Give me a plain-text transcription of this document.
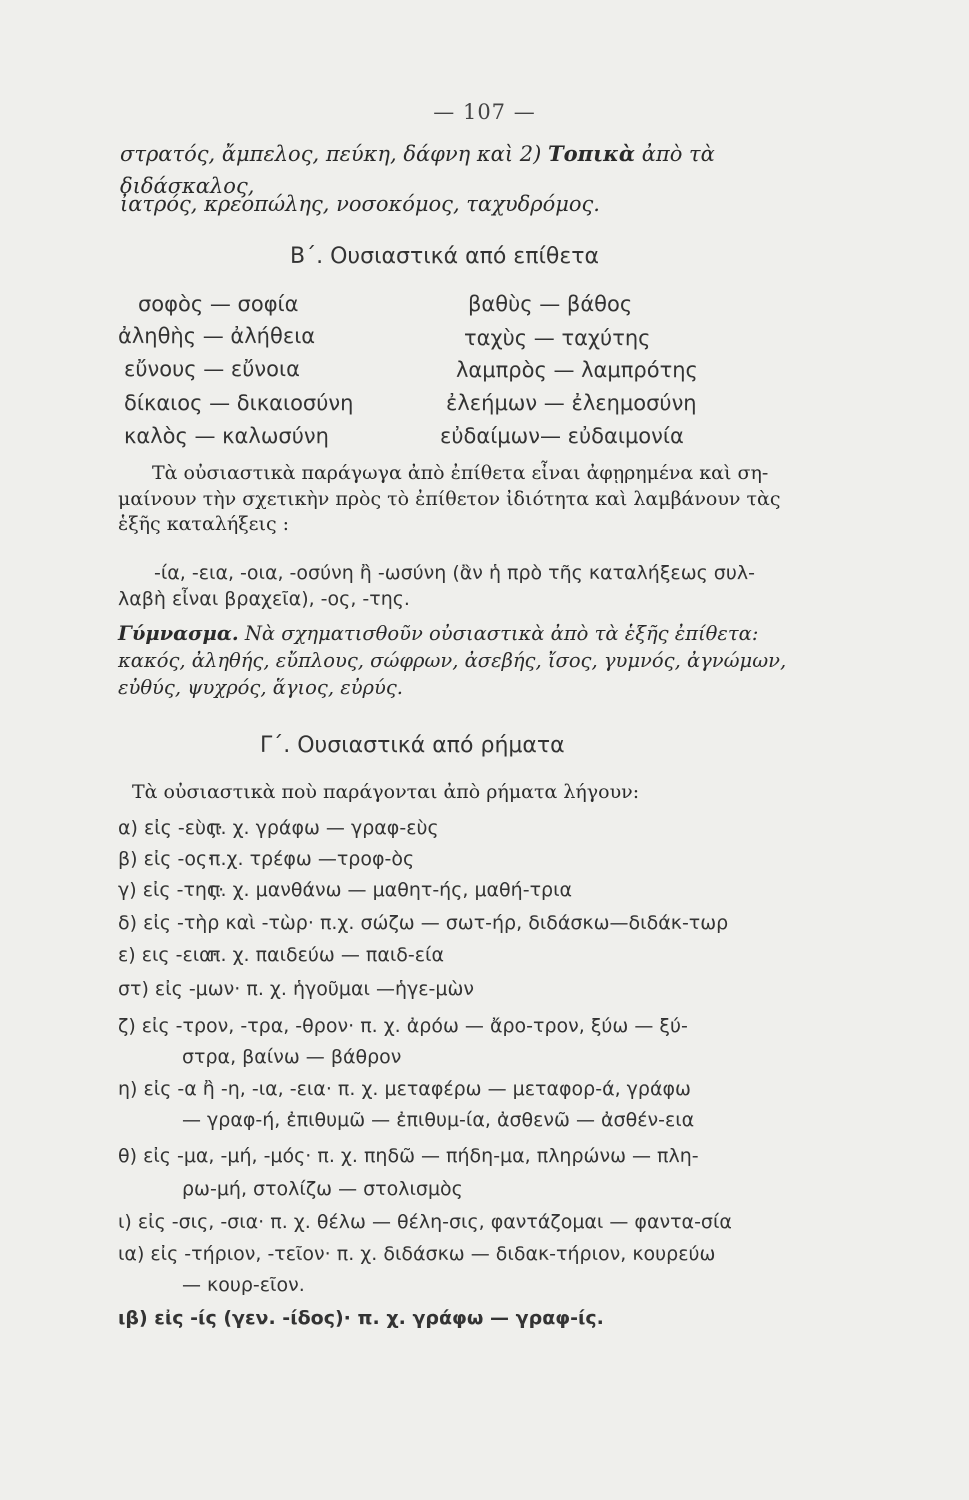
— 107 —
στρατός, ἄμπελος, πεύκη, δάφνη καὶ 2) Τοπικὰ ἀπὸ τὰ διδάσκαλος,
ἰατρός, κρεοπώλης, νοσοκόμος, ταχυδρόμος.
Β΄. Ουσιαστικά από επίθετα
σοφὸς — σοφία
ἀληθὴς — ἀλήθεια
εὔνους — εὔνοια
δίκαιος — δικαιοσύνη
καλὸς — καλωσύνη
βαθὺς — βάθος
ταχὺς — ταχύτης
λαμπρὸς — λαμπρότης
ἐλεήμων — ἐλεημοσύνη
εὐδαίμων— εὐδαιμονία
Τὰ οὐσιαστικὰ παράγωγα ἀπὸ ἐπίθετα εἶναι ἀφῃρημένα καὶ ση-
μαίνουν τὴν σχετικὴν πρὸς τὸ ἐπίθετον ἰδιότητα καὶ λαμβάνουν τὰς
ἑξῆς καταλήξεις :
-ία, -εια, -οια, -οσύνη ἢ -ωσύνη (ἂν ἡ πρὸ τῆς καταλήξεως συλ-
λαβὴ εἶναι βραχεῖα), -ος, -της.
Γύμνασμα. Νὰ σχηματισθοῦν οὐσιαστικὰ ἀπὸ τὰ ἑξῆς ἐπίθετα:
κακός, ἀληθής, εὔπλους, σώφρων, ἀσεβής, ἴσος, γυμνός, ἀγνώμων,
εὐθύς, ψυχρός, ἅγιος, εὐρύς.
Γ΄. Ουσιαστικά από ρήματα
Τὰ οὐσιαστικὰ ποὺ παράγονται ἀπὸ ρήματα λήγουν:
α) εἰς -εὺς· π. χ. γράφω — γραφ-εὺς
β) εἰς -ος· π.χ. τρέφω —τροφ-ὸς
γ) εἰς -της· π. χ. μανθάνω — μαθητ-ής, μαθή-τρια
δ) εἰς -τὴρ καὶ -τὼρ· π.χ. σώζω — σωτ-ήρ, διδάσκω—διδάκ-τωρ
ε) εις -εια· π. χ. παιδεύω — παιδ-εία
στ) εἰς -μων· π. χ. ἡγοῦμαι —ἡγε-μὼν
ζ) εἰς -τρον, -τρα, -θρον· π. χ. ἀρόω — ἄρο-τρον, ξύω — ξύ-
στρα, βαίνω — βάθρον
η) εἰς -α ἢ -η, -ια, -εια· π. χ. μεταφέρω — μεταφορ-ά, γράφω
— γραφ-ή, ἐπιθυμῶ — ἐπιθυμ-ία, ἀσθενῶ — ἀσθέν-εια
θ) εἰς -μα, -μή, -μός· π. χ. πηδῶ — πήδη-μα, πληρώνω — πλη-
ρω-μή, στολίζω — στολισμὸς
ι) εἰς -σις, -σια· π. χ. θέλω — θέλη-σις, φαντάζομαι — φαντα-σία
ια) εἰς -τήριον, -τεῖον· π. χ. διδάσκω — διδακ-τήριον, κουρεύω
— κουρ-εῖον.
ιβ) εἰς -ίς (γεν. -ίδος)· π. χ. γράφω — γραφ-ίς.
